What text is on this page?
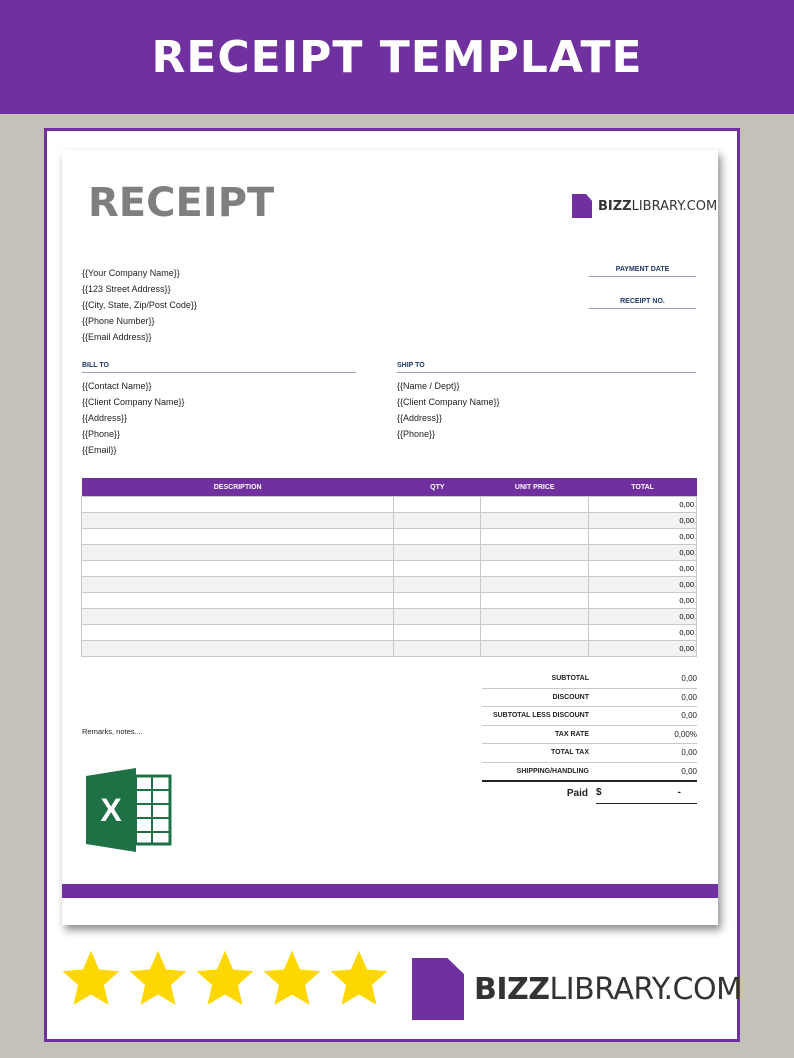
RECEIPT TEMPLATE
RECEIPT	BIZZLIBRARY.COM
{{Your Company Name}}
{{123 Street Address}}
{{City, State, Zip/Post Code}}
{{Phone Number}}
{{Email Address}}
PAYMENT DATE
RECEIPT NO.
BILL TO
{{Contact Name}}
{{Client Company Name}}
{{Address}}
{{Phone}}
{{Email}}
SHIP TO
{{Name / Dept}}
{{Client Company Name}}
{{Address}}
{{Phone}}
DESCRIPTION	QTY	UNIT PRICE	TOTAL
			0,00
			0,00
			0,00
			0,00
			0,00
			0,00
			0,00
			0,00
			0,00
			0,00
SUBTOTAL	0,00
DISCOUNT	0,00
SUBTOTAL LESS DISCOUNT	0,00
TAX RATE	0,00%
TOTAL TAX	0,00
SHIPPING/HANDLING	0,00
Remarks, notes....
Paid $	-
X
BIZZLIBRARY.COM
